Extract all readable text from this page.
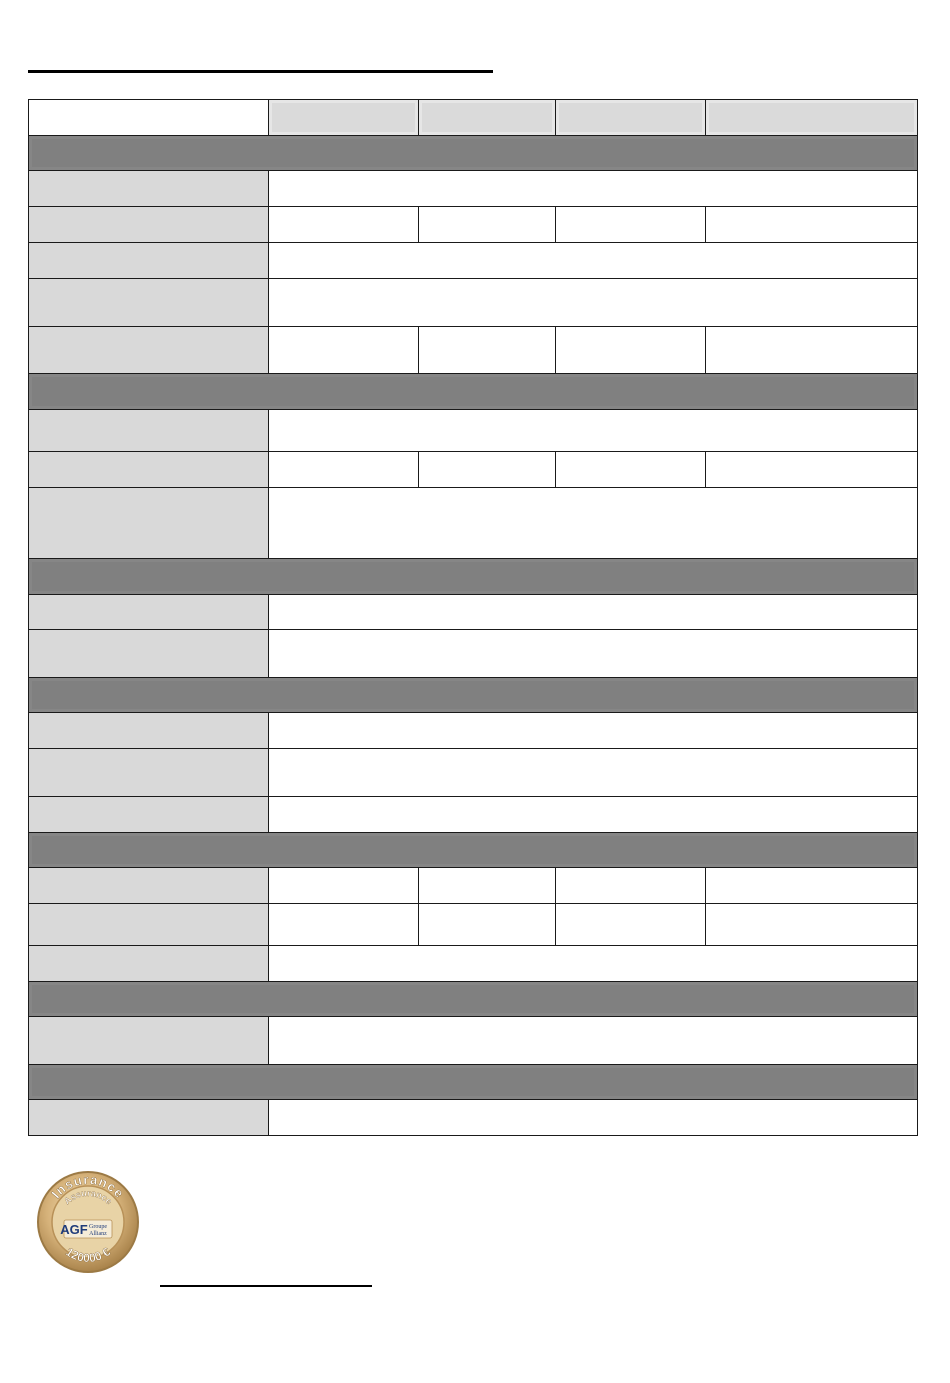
Insurance
Assurance
AGF Groupe
Allianz
120000 €
